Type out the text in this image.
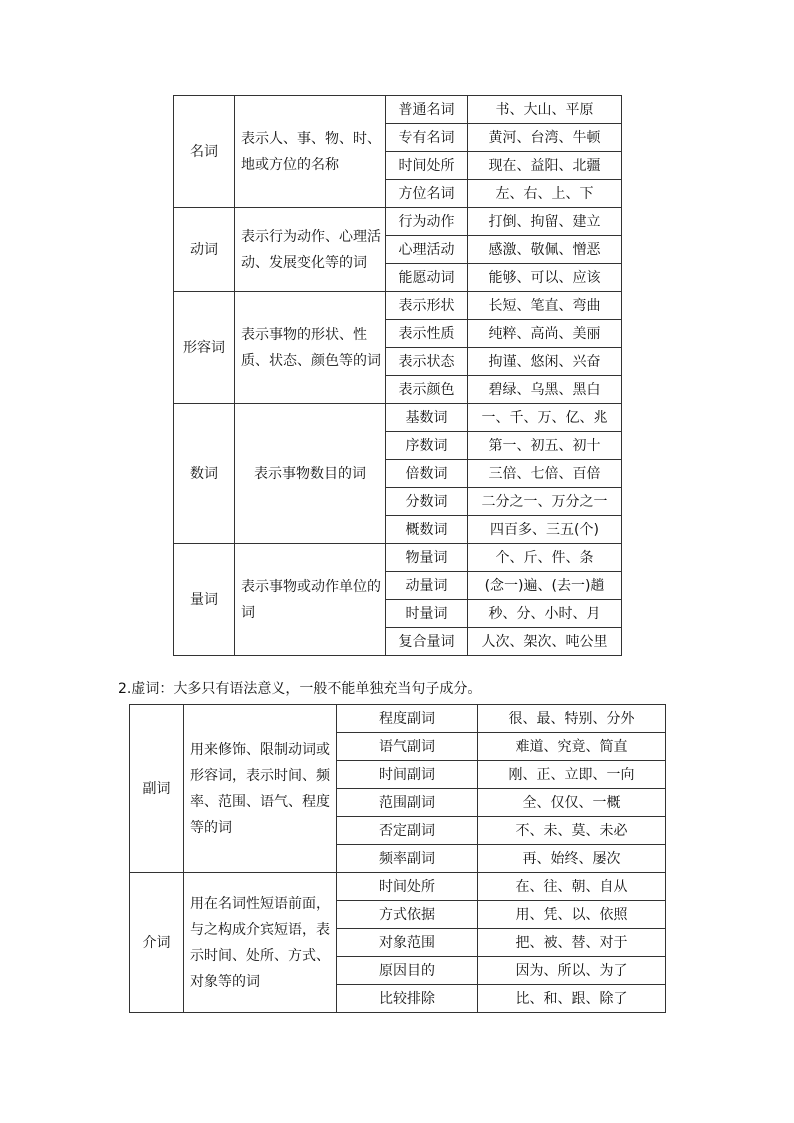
名词	表示人、事、物、时、地或方位的名称	普通名词	书、大山、平原
		专有名词	黄河、台湾、牛顿
		时间处所	现在、益阳、北疆
		方位名词	左、右、上、下
动词	表示行为动作、心理活动、发展变化等的词	行为动作	打倒、拘留、建立
		心理活动	感激、敬佩、憎恶
		能愿动词	能够、可以、应该
形容词	表示事物的形状、性质、状态、颜色等的词	表示形状	长短、笔直、弯曲
		表示性质	纯粹、高尚、美丽
		表示状态	拘谨、悠闲、兴奋
		表示颜色	碧绿、乌黑、黑白
数词	表示事物数目的词	基数词	一、千、万、亿、兆
		序数词	第一、初五、初十
		倍数词	三倍、七倍、百倍
		分数词	二分之一、万分之一
		概数词	四百多、三五(个)
量词	表示事物或动作单位的词	物量词	个、斤、件、条
		动量词	(念一)遍、(去一)趟
		时量词	秒、分、小时、月
		复合量词	人次、架次、吨公里
2.虚词：大多只有语法意义，一般不能单独充当句子成分。
副词	用来修饰、限制动词或形容词，表示时间、频率、范围、语气、程度等的词	程度副词	很、最、特别、分外
		语气副词	难道、究竟、简直
		时间副词	刚、正、立即、一向
		范围副词	全、仅仅、一概
		否定副词	不、未、莫、未必
		频率副词	再、始终、屡次
介词	用在名词性短语前面，与之构成介宾短语，表示时间、处所、方式、对象等的词	时间处所	在、往、朝、自从
		方式依据	用、凭、以、依照
		对象范围	把、被、替、对于
		原因目的	因为、所以、为了
		比较排除	比、和、跟、除了
